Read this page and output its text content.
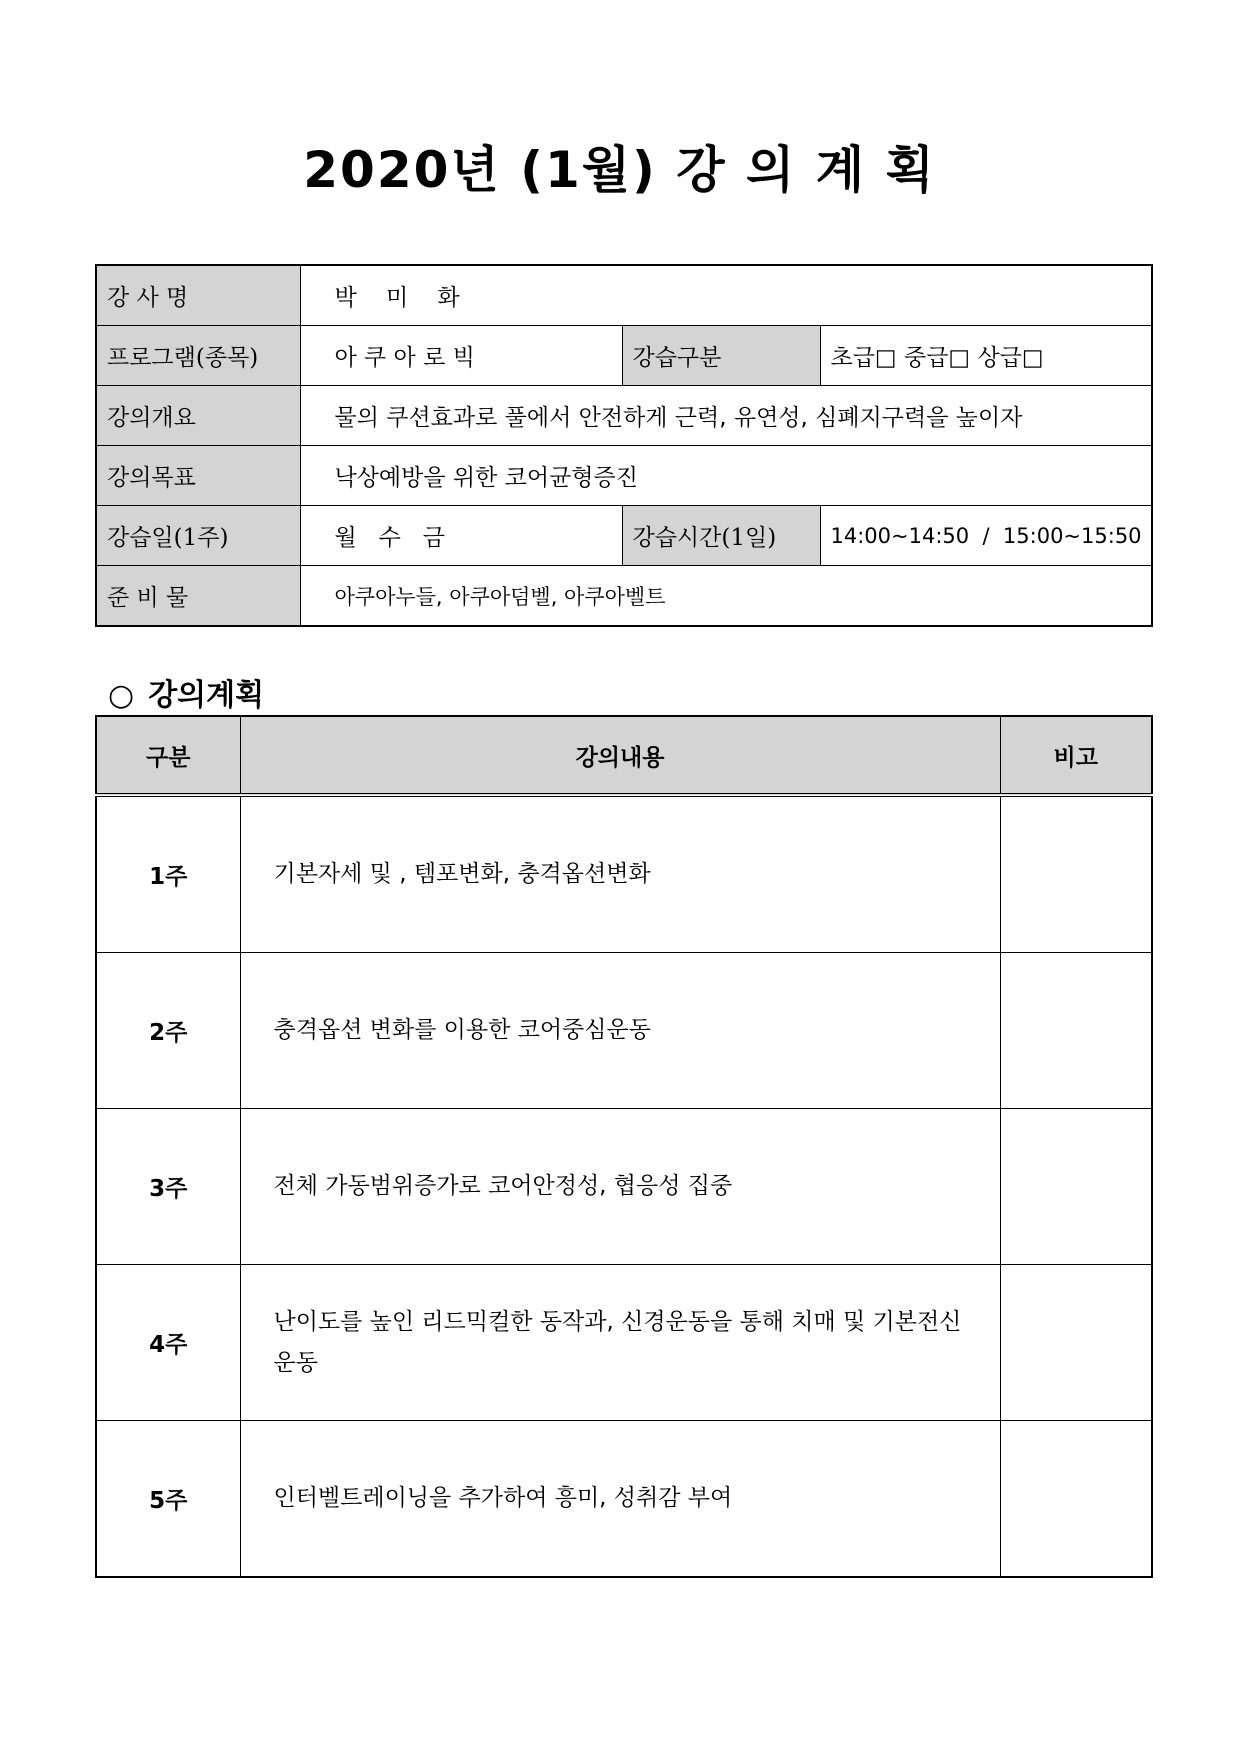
2020년 (1월) 강 의 계 획
강 사 명	박    미    화		
프로그램(종목)	아 쿠 아 로 빅	강습구분	초급□ 중급□ 상급□
강의개요	물의 쿠션효과로 풀에서 안전하게 근력, 유연성, 심폐지구력을 높이자		
강의목표	낙상예방을 위한 코어균형증진		
강습일(1주)	월   수   금	강습시간(1일)	14:00~14:50  /  15:00~15:50
준 비 물	아쿠아누들, 아쿠아덤벨, 아쿠아벨트		
○ 강의계획
구분	강의내용	비고
1주	기본자세 및 , 템포변화, 충격옵션변화	
2주	충격옵션 변화를 이용한 코어중심운동	
3주	전체 가동범위증가로 코어안정성, 협응성 집중	
4주	난이도를 높인 리드믹컬한 동작과, 신경운동을 통해 치매 및 기본전신운동	
5주	인터벨트레이닝을 추가하여 흥미, 성취감 부여	
